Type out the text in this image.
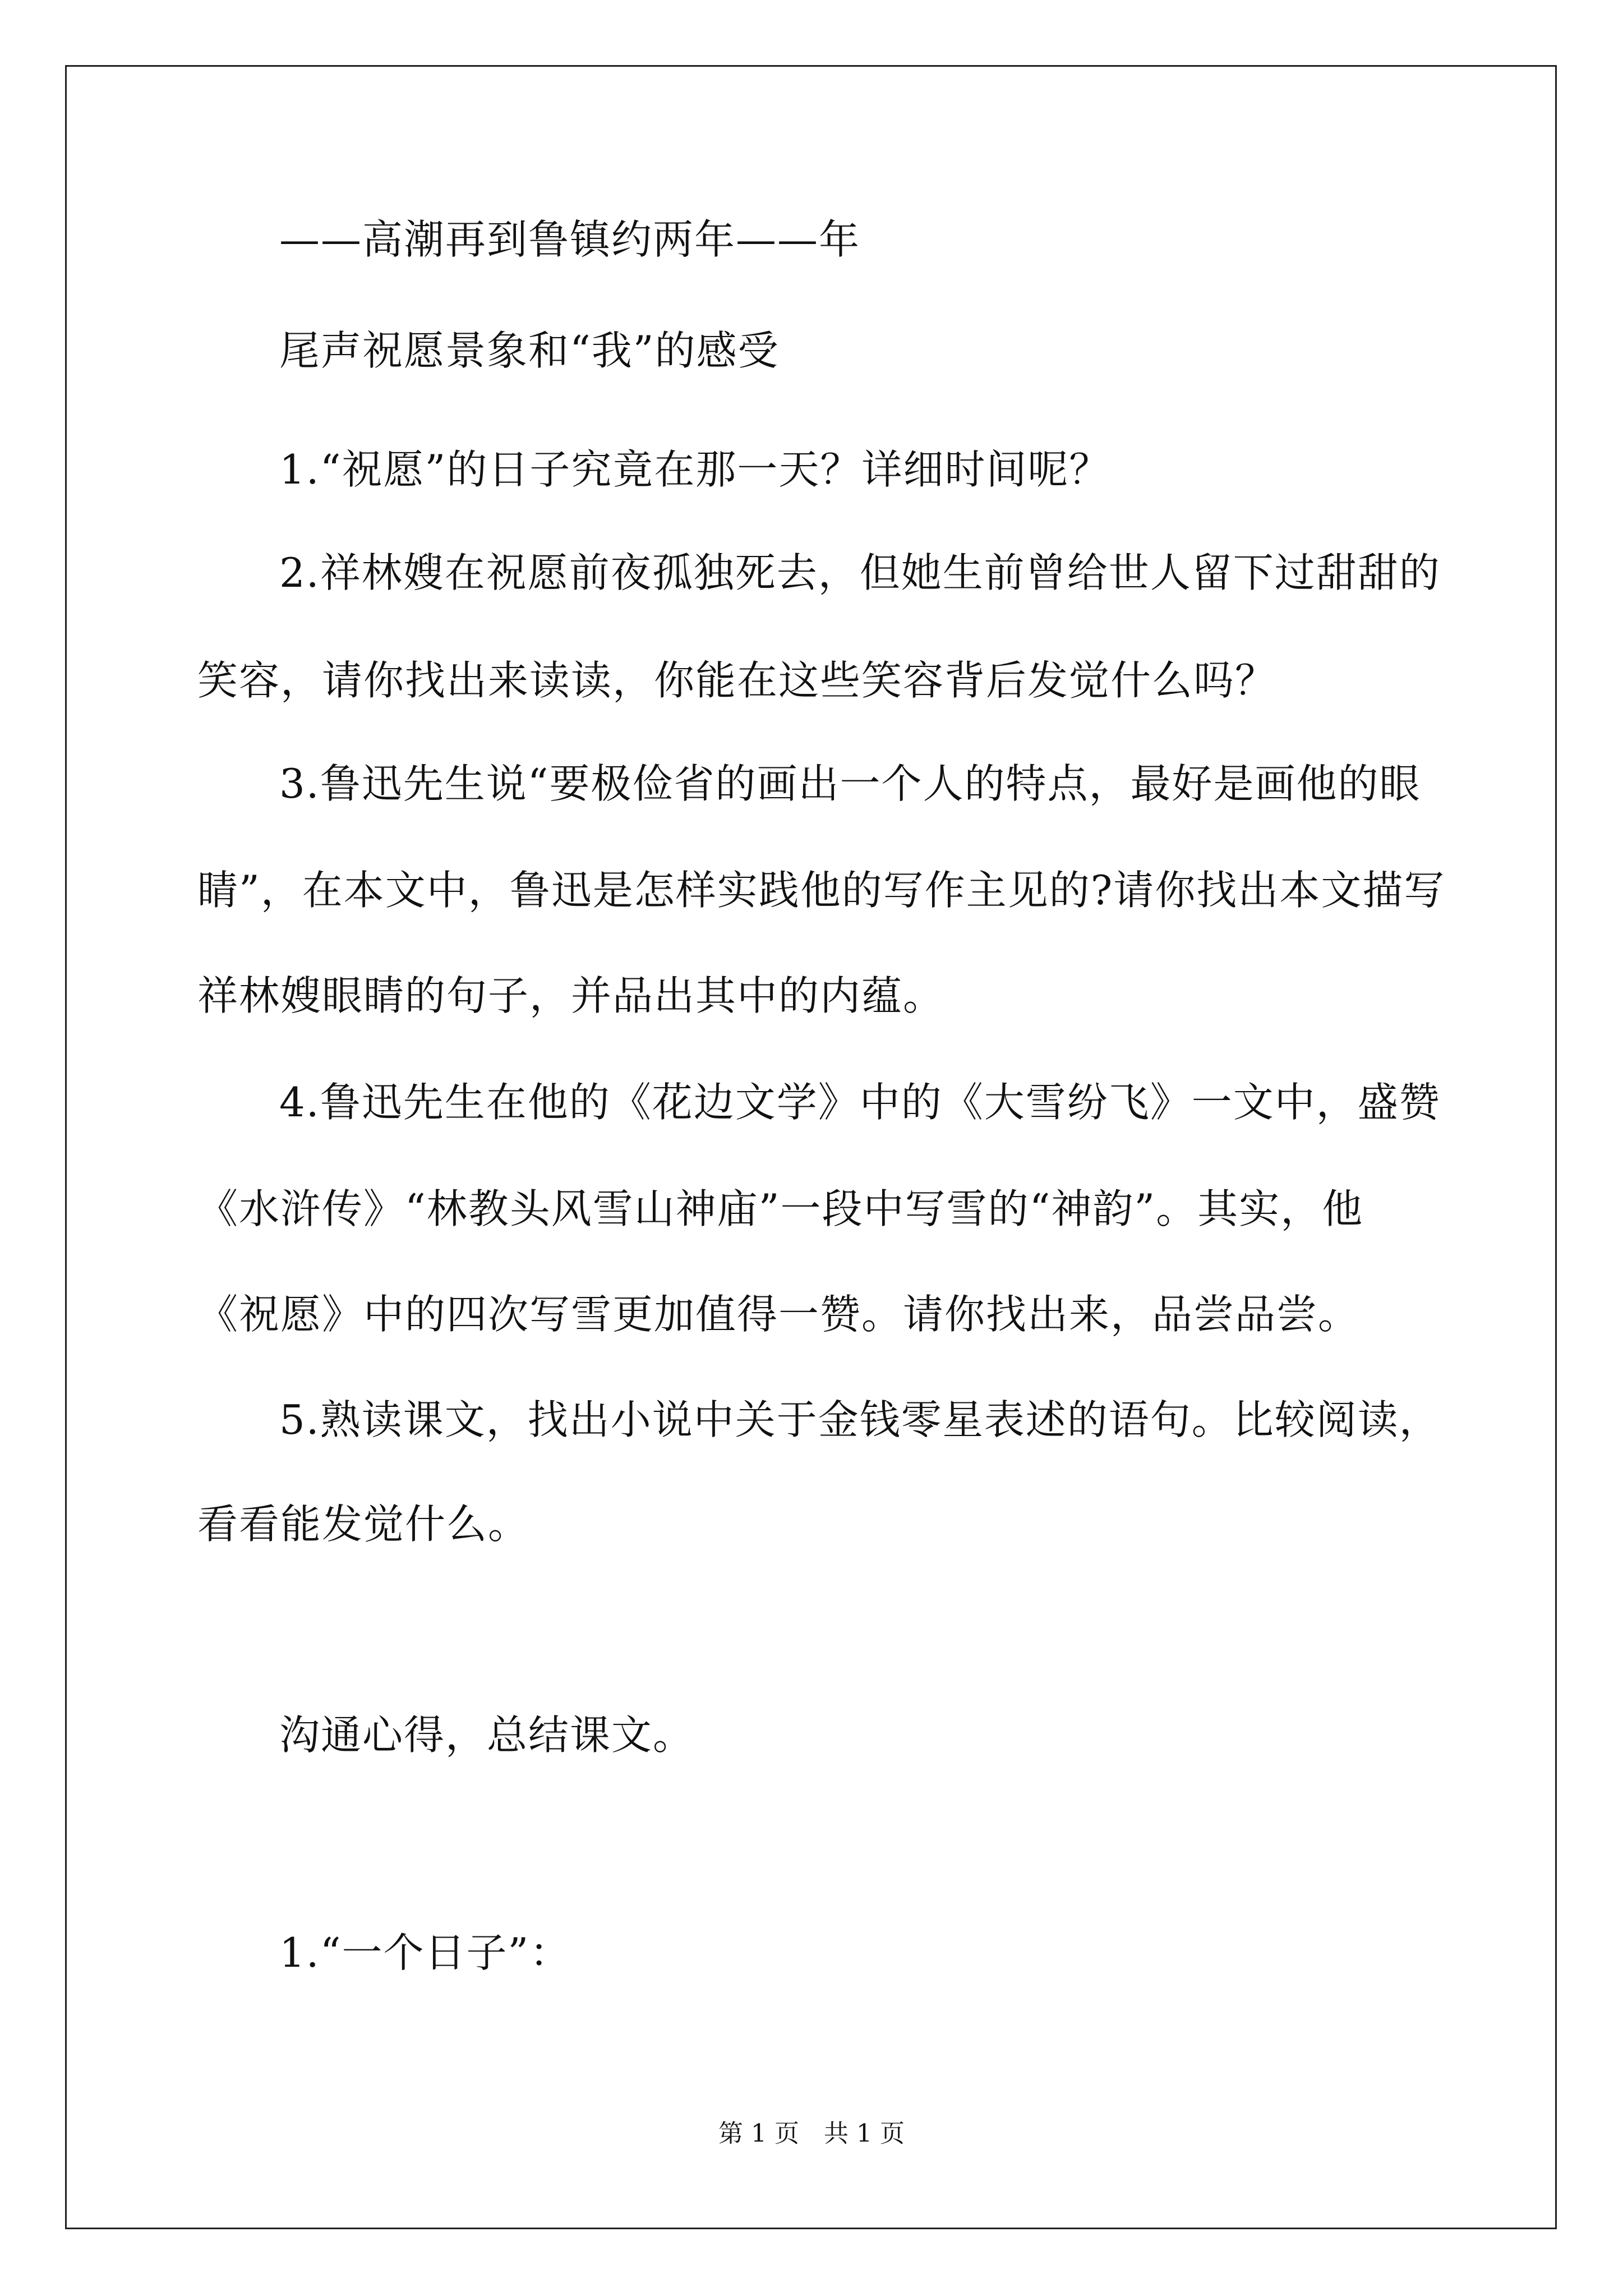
——高潮再到鲁镇约两年——年
尾声祝愿景象和“我”的感受
1.“祝愿”的日子究竟在那一天？详细时间呢？
2.祥林嫂在祝愿前夜孤独死去，但她生前曾给世人留下过甜甜的
笑容，请你找出来读读，你能在这些笑容背后发觉什么吗？
3.鲁迅先生说“要极俭省的画出一个人的特点，最好是画他的眼
睛”，在本文中，鲁迅是怎样实践他的写作主见的?请你找出本文描写
祥林嫂眼睛的句子，并品出其中的内蕴。
4.鲁迅先生在他的《花边文学》中的《大雪纷飞》一文中，盛赞
《水浒传》“林教头风雪山神庙”一段中写雪的“神韵”。其实，他
《祝愿》中的四次写雪更加值得一赞。请你找出来，品尝品尝。
5.熟读课文，找出小说中关于金钱零星表述的语句。比较阅读，
看看能发觉什么。
沟通心得，总结课文。
1.“一个日子”：
第 1 页　共 1 页
